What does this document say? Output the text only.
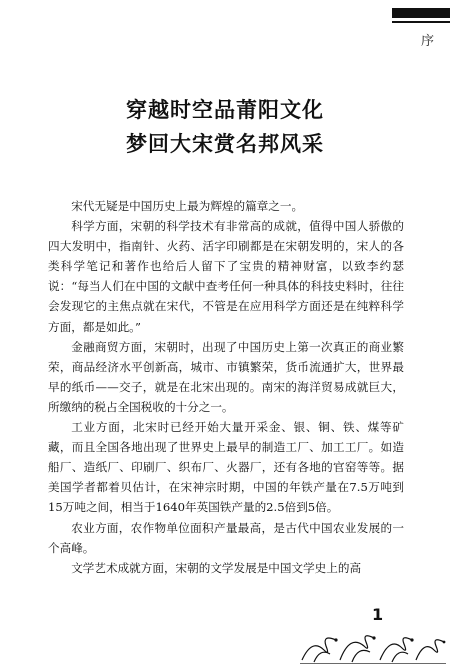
序
穿越时空品莆阳文化
梦回大宋赏名邦风采

宋代无疑是中国历史上最为辉煌的篇章之一。

科学方面，宋朝的科学技术有非常高的成就，值得中国人骄傲的四大发明中，指南针、火药、活字印刷都是在宋朝发明的，宋人的各类科学笔记和著作也给后人留下了宝贵的精神财富，以致李约瑟说：“每当人们在中国的文献中查考任何一种具体的科技史料时，往往会发现它的主焦点就在宋代，不管是在应用科学方面还是在纯粹科学方面，都是如此。”

金融商贸方面，宋朝时，出现了中国历史上第一次真正的商业繁荣，商品经济水平创新高，城市、市镇繁荣，货币流通扩大，世界最早的纸币——交子，就是在北宋出现的。南宋的海洋贸易成就巨大，所缴纳的税占全国税收的十分之一。

工业方面，北宋时已经开始大量开采金、银、铜、铁、煤等矿藏，而且全国各地出现了世界史上最早的制造工厂、加工工厂。如造船厂、造纸厂、印刷厂、织布厂、火器厂，还有各地的官窑等等。据美国学者都着贝估计，在宋神宗时期，中国的年铁产量在7.5万吨到15万吨之间，相当于1640年英国铁产量的2.5倍到5倍。

农业方面，农作物单位面积产量最高，是古代中国农业发展的一个高峰。

文学艺术成就方面，宋朝的文学发展是中国文学史上的高

1
